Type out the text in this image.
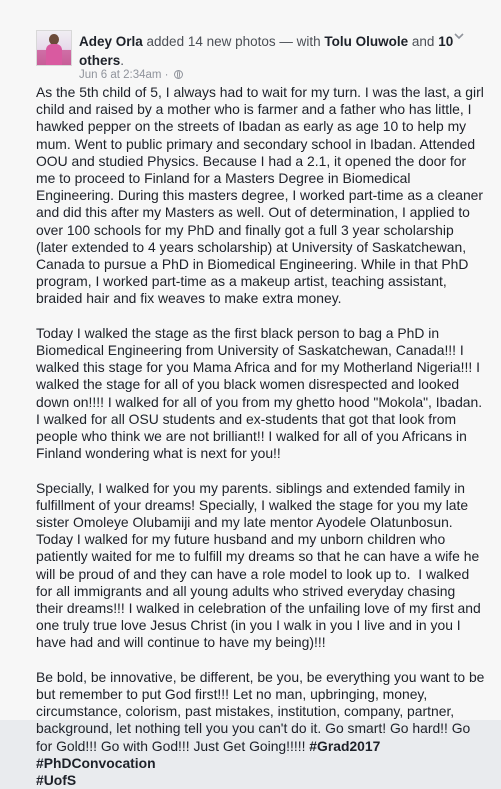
Adey Orla added 14 new photos — with Tolu Oluwole and 10 others.
Jun 6 at 2:34am ·

As the 5th child of 5, I always had to wait for my turn. I was the last, a girl child and raised by a mother who is farmer and a father who has little, I hawked pepper on the streets of Ibadan as early as age 10 to help my mum. Went to public primary and secondary school in Ibadan. Attended OOU and studied Physics. Because I had a 2.1, it opened the door for me to proceed to Finland for a Masters Degree in Biomedical Engineering. During this masters degree, I worked part-time as a cleaner and did this after my Masters as well. Out of determination, I applied to over 100 schools for my PhD and finally got a full 3 year scholarship (later extended to 4 years scholarship) at University of Saskatchewan, Canada to pursue a PhD in Biomedical Engineering. While in that PhD program, I worked part-time as a makeup artist, teaching assistant, braided hair and fix weaves to make extra money.

Today I walked the stage as the first black person to bag a PhD in Biomedical Engineering from University of Saskatchewan, Canada!!! I walked this stage for you Mama Africa and for my Motherland Nigeria!!! I walked the stage for all of you black women disrespected and looked down on!!!! I walked for all of you from my ghetto hood "Mokola", Ibadan. I walked for all OSU students and ex-students that got that look from people who think we are not brilliant!! I walked for all of you Africans in Finland wondering what is next for you!!

Specially, I walked for you my parents. siblings and extended family in fulfillment of your dreams! Specially, I walked the stage for you my late sister Omoleye Olubamiji and my late mentor Ayodele Olatunbosun. Today I walked for my future husband and my unborn children who patiently waited for me to fulfill my dreams so that he can have a wife he will be proud of and they can have a role model to look up to.  I walked for all immigrants and all young adults who strived everyday chasing their dreams!!! I walked in celebration of the unfailing love of my first and one truly true love Jesus Christ (in you I walk in you I live and in you I have had and will continue to have my being)!!!

Be bold, be innovative, be different, be you, be everything you want to be but remember to put God first!!! Let no man, upbringing, money, circumstance, colorism, past mistakes, institution, company, partner, background, let nothing tell you you can't do it. Go smart! Go hard!! Go for Gold!!! Go with God!!! Just Get Going!!!!! #Grad2017 #PhDConvocation
#UofS
